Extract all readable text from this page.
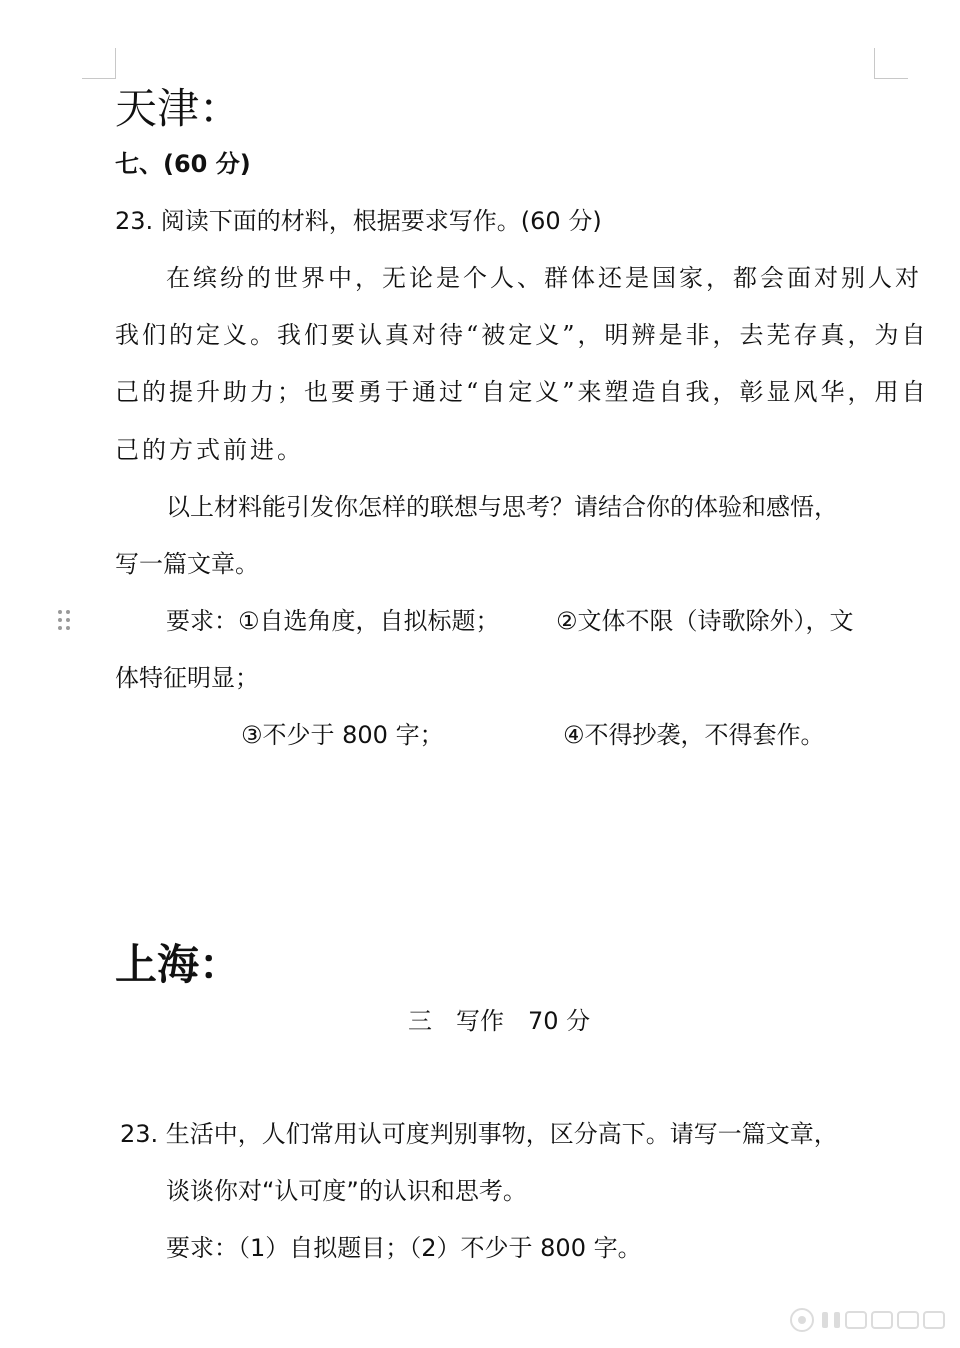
天津：
七、(60 分)
23. 阅读下面的材料，根据要求写作。(60 分)
在缤纷的世界中，无论是个人、群体还是国家，都会面对别人对
我们的定义。我们要认真对待“被定义”，明辨是非，去芜存真，为自
己的提升助力；也要勇于通过“自定义”来塑造自我，彰显风华，用自
己的方式前进。
以上材料能引发你怎样的联想与思考？请结合你的体验和感悟，
写一篇文章。
要求：①自选角度，自拟标题； ②文体不限（诗歌除外），文
体特征明显；
③不少于 800 字；	④不得抄袭，不得套作。
上海：
三　写作　70 分
23. 生活中，人们常用认可度判别事物，区分高下。请写一篇文章，
谈谈你对“认可度”的认识和思考。
要求：（1）自拟题目；（2）不少于 800 字。
